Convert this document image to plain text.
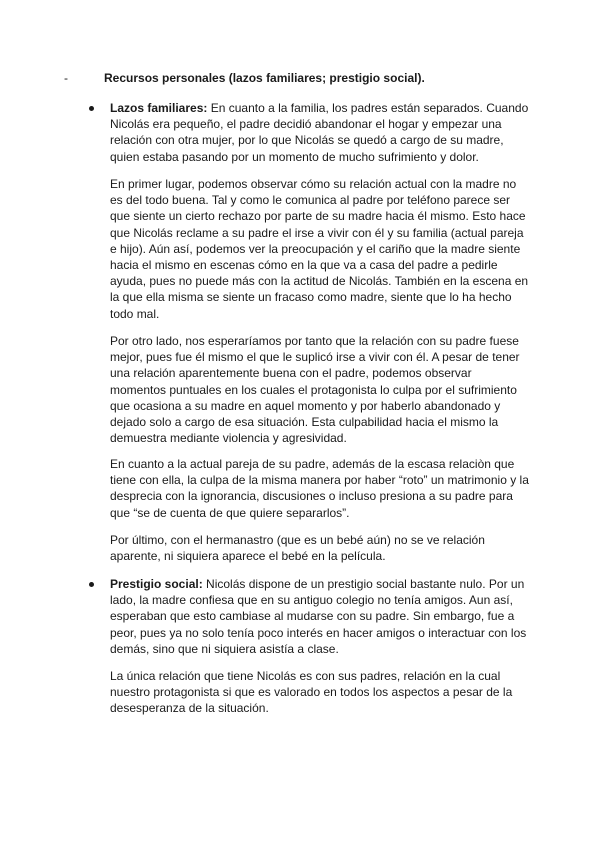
-	Recursos personales (lazos familiares; prestigio social).

Lazos familiares: En cuanto a la familia, los padres están separados. Cuando Nicolás era pequeño, el padre decidió abandonar el hogar y empezar una relación con otra mujer, por lo que Nicolás se quedó a cargo de su madre, quien estaba pasando por un momento de mucho sufrimiento y dolor.

En primer lugar, podemos observar cómo su relación actual con la madre no es del todo buena. Tal y como le comunica al padre por teléfono parece ser que siente un cierto rechazo por parte de su madre hacia él mismo. Esto hace que Nicolás reclame a su padre el irse a vivir con él y su familia (actual pareja e hijo). Aún así, podemos ver la preocupación y el cariño que la madre siente hacia el mismo en escenas cómo en la que va a casa del padre a pedirle ayuda, pues no puede más con la actitud de Nicolás. También en la escena en la que ella misma se siente un fracaso como madre, siente que lo ha hecho todo mal.

Por otro lado, nos esperaríamos por tanto que la relación con su padre fuese mejor, pues fue él mismo el que le suplicó irse a vivir con él. A pesar de tener una relación aparentemente buena con el padre, podemos observar momentos puntuales en los cuales el protagonista lo culpa por el sufrimiento que ocasiona a su madre en aquel momento y por haberlo abandonado y dejado solo a cargo de esa situación. Esta culpabilidad hacia el mismo la demuestra mediante violencia y agresividad.

En cuanto a la actual pareja de su padre, además de la escasa relaciòn que tiene con ella, la culpa de la misma manera por haber “roto” un matrimonio y la desprecia con la ignorancia, discusiones o incluso presiona a su padre para que “se de cuenta de que quiere separarlos”.

Por último, con el hermanastro (que es un bebé aún) no se ve relación aparente, ni siquiera aparece el bebé en la película.

Prestigio social: Nicolás dispone de un prestigio social bastante nulo. Por un lado, la madre confiesa que en su antiguo colegio no tenía amigos. Aun así, esperaban que esto cambiase al mudarse con su padre. Sin embargo, fue a peor, pues ya no solo tenía poco interés en hacer amigos o interactuar con los demás, sino que ni siquiera asistía a clase.

La única relación que tiene Nicolás es con sus padres, relación en la cual nuestro protagonista si que es valorado en todos los aspectos a pesar de la desesperanza de la situación.
